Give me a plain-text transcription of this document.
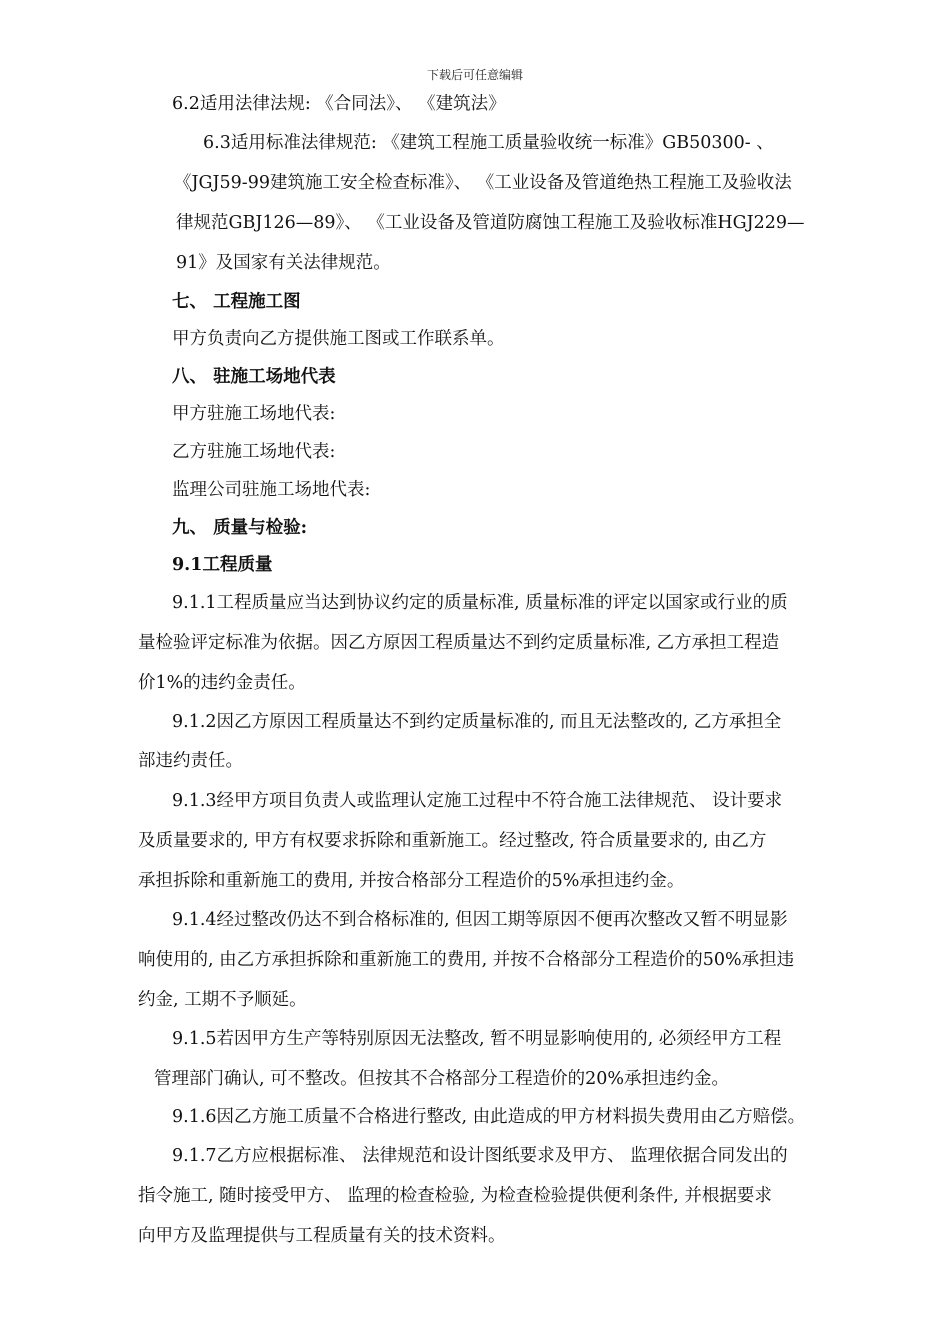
下载后可任意编辑
6.2适用法律法规: 《合同法》、 《建筑法》
6.3适用标准法律规范: 《建筑工程施工质量验收统一标准》GB50300- 、
《JGJ59-99建筑施工安全检查标准》、 《工业设备及管道绝热工程施工及验收法
律规范GBJ126—89》、 《工业设备及管道防腐蚀工程施工及验收标准HGJ229—
91》及国家有关法律规范。
七、 工程施工图
甲方负责向乙方提供施工图或工作联系单。
八、 驻施工场地代表
甲方驻施工场地代表:
乙方驻施工场地代表:
监理公司驻施工场地代表:
九、 质量与检验:
9.1工程质量
9.1.1工程质量应当达到协议约定的质量标准, 质量标准的评定以国家或行业的质
量检验评定标准为依据。因乙方原因工程质量达不到约定质量标准, 乙方承担工程造
价1%的违约金责任。
9.1.2因乙方原因工程质量达不到约定质量标准的, 而且无法整改的, 乙方承担全
部违约责任。
9.1.3经甲方项目负责人或监理认定施工过程中不符合施工法律规范、 设计要求
及质量要求的, 甲方有权要求拆除和重新施工。经过整改, 符合质量要求的, 由乙方
承担拆除和重新施工的费用, 并按合格部分工程造价的5%承担违约金。
9.1.4经过整改仍达不到合格标准的, 但因工期等原因不便再次整改又暂不明显影
响使用的, 由乙方承担拆除和重新施工的费用, 并按不合格部分工程造价的50%承担违
约金, 工期不予顺延。
9.1.5若因甲方生产等特别原因无法整改, 暂不明显影响使用的, 必须经甲方工程
管理部门确认, 可不整改。但按其不合格部分工程造价的20%承担违约金。
9.1.6因乙方施工质量不合格进行整改, 由此造成的甲方材料损失费用由乙方赔偿。
9.1.7乙方应根据标准、 法律规范和设计图纸要求及甲方、 监理依据合同发出的
指令施工, 随时接受甲方、 监理的检查检验, 为检查检验提供便利条件, 并根据要求
向甲方及监理提供与工程质量有关的技术资料。
